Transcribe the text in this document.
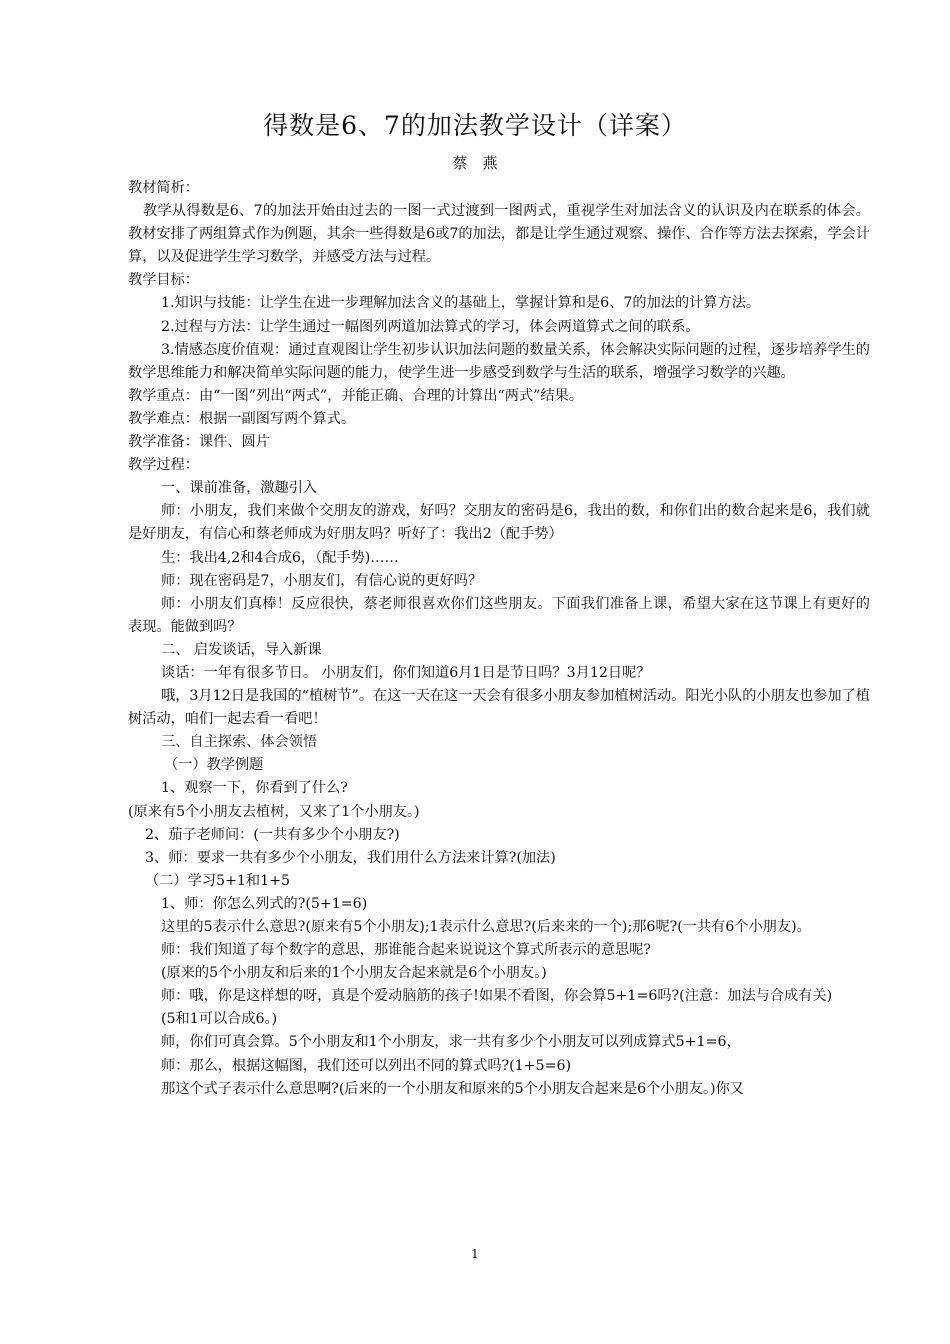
得数是6、7的加法教学设计（详案）
蔡　燕

教材简析：

教学从得数是6、7的加法开始由过去的一图一式过渡到一图两式，重视学生对加法含义的认识及内在联系的体会。教材安排了两组算式作为例题，其余一些得数是6或7的加法，都是让学生通过观察、操作、合作等方法去探索，学会计算，以及促进学生学习数学，并感受方法与过程。

教学目标：

1.知识与技能：让学生在进一步理解加法含义的基础上，掌握计算和是6、7的加法的计算方法。

2.过程与方法：让学生通过一幅图列两道加法算式的学习，体会两道算式之间的联系。

3.情感态度价值观：通过直观图让学生初步认识加法问题的数量关系，体会解决实际问题的过程，逐步培养学生的数学思维能力和解决简单实际问题的能力，使学生进一步感受到数学与生活的联系，增强学习数学的兴趣。

教学重点：由“一图”列出“两式”，并能正确、合理的计算出“两式”结果。

教学难点：根据一副图写两个算式。

教学准备：课件、圆片

教学过程：

一、课前准备，激趣引入

师：小朋友，我们来做个交朋友的游戏，好吗？交朋友的密码是6，我出的数，和你们出的数合起来是6，我们就是好朋友，有信心和蔡老师成为好朋友吗？听好了：我出2（配手势）

生：我出4,2和4合成6，（配手势)……

师：现在密码是7，小朋友们，有信心说的更好吗？

师：小朋友们真棒！反应很快，蔡老师很喜欢你们这些朋友。下面我们准备上课，希望大家在这节课上有更好的表现。能做到吗？

二、 启发谈话，导入新课

谈话：一年有很多节日。 小朋友们，你们知道6月1日是节日吗？3月12日呢？

哦，3月12日是我国的“植树节”。在这一天在这一天会有很多小朋友参加植树活动。阳光小队的小朋友也参加了植树活动，咱们一起去看一看吧！

三、自主探索、体会领悟

（一）教学例题

1、观察一下，你看到了什么?

(原来有5个小朋友去植树，又来了1个小朋友。)

2、茄子老师问：(一共有多少个小朋友?)

3、师：要求一共有多少个小朋友，我们用什么方法来计算?(加法)

（二）学习5+1和1+5

1、师：你怎么列式的?(5+1=6)

这里的5表示什么意思?(原来有5个小朋友);1表示什么意思?(后来来的一个);那6呢?(一共有6个小朋友)。

师：我们知道了每个数字的意思，那谁能合起来说说这个算式所表示的意思呢?

(原来的5个小朋友和后来的1个小朋友合起来就是6个小朋友。)

师：哦，你是这样想的呀，真是个爱动脑筋的孩子!如果不看图，你会算5+1=6吗?(注意：加法与合成有关)

(5和1可以合成6。)

师，你们可真会算。5个小朋友和1个小朋友，求一共有多少个小朋友可以列成算式5+1=6，

师：那么，根据这幅图，我们还可以列出不同的算式吗?(1+5=6)

那这个式子表示什么意思啊?(后来的一个小朋友和原来的5个小朋友合起来是6个小朋友。)你又

1
